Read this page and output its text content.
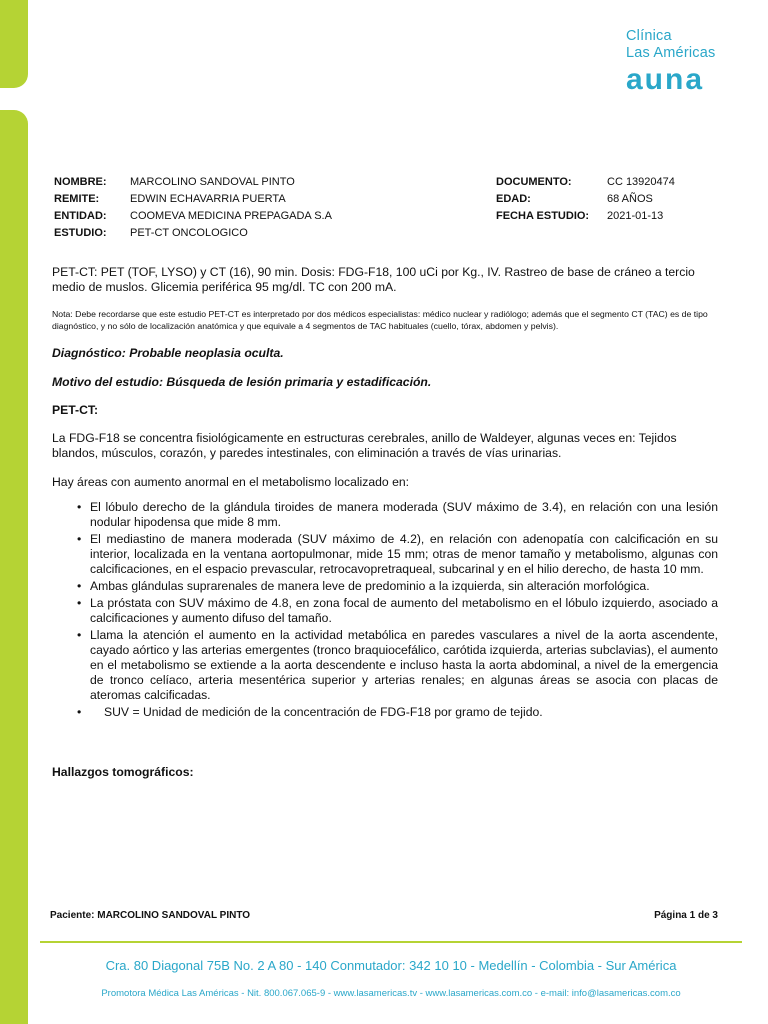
Clínica
Las Américas
auna
NOMBRE: MARCOLINO SANDOVAL PINTO	DOCUMENTO:	CC 13920474
REMITE:	EDWIN ECHAVARRIA PUERTA	EDAD:	68 AÑOS
ENTIDAD: COOMEVA MEDICINA PREPAGADA S.A	FECHA ESTUDIO: 2021-01-13
ESTUDIO: PET-CT ONCOLOGICO

PET-CT: PET (TOF, LYSO) y CT (16), 90 min. Dosis: FDG-F18, 100 uCi por Kg., IV. Rastreo de base de cráneo a tercio medio de muslos. Glicemia periférica 95 mg/dl. TC con 200 mA.

Nota: Debe recordarse que este estudio PET-CT es interpretado por dos médicos especialistas: médico nuclear y radiólogo; además que el segmento CT (TAC) es de tipo diagnóstico, y no sólo de localización anatómica y que equivale a 4 segmentos de TAC habituales (cuello, tórax, abdomen y pelvis).

Diagnóstico: Probable neoplasia oculta.

Motivo del estudio: Búsqueda de lesión primaria y estadificación.

PET-CT:

La FDG-F18 se concentra fisiológicamente en estructuras cerebrales, anillo de Waldeyer, algunas veces en: Tejidos blandos, músculos, corazón, y paredes intestinales, con eliminación a través de vías urinarias.

Hay áreas con aumento anormal en el metabolismo localizado en:

• El lóbulo derecho de la glándula tiroides de manera moderada (SUV máximo de 3.4), en relación con una lesión nodular hipodensa que mide 8 mm.
• El mediastino de manera moderada (SUV máximo de 4.2), en relación con adenopatía con calcificación en su interior, localizada en la ventana aortopulmonar, mide 15 mm; otras de menor tamaño y metabolismo, algunas con calcificaciones, en el espacio prevascular, retrocavopretraqueal, subcarinal y en el hilio derecho, de hasta 10 mm.
• Ambas glándulas suprarenales de manera leve de predominio a la izquierda, sin alteración morfológica.
• La próstata con SUV máximo de 4.8, en zona focal de aumento del metabolismo en el lóbulo izquierdo, asociado a calcificaciones y aumento difuso del tamaño.
• Llama la atención el aumento en la actividad metabólica en paredes vasculares a nivel de la aorta ascendente, cayado aórtico y las arterias emergentes (tronco braquiocefálico, carótida izquierda, arterias subclavias), el aumento en el metabolismo se extiende a la aorta descendente e incluso hasta la aorta abdominal, a nivel de la emergencia de tronco celíaco, arteria mesentérica superior y arterias renales; en algunas áreas se asocia con placas de ateromas calcificadas.
• SUV = Unidad de medición de la concentración de FDG-F18 por gramo de tejido.

Hallazgos tomográficos:

Paciente: MARCOLINO SANDOVAL PINTO	Página 1 de 3
Cra. 80 Diagonal 75B No. 2 A 80 - 140 Conmutador: 342 10 10 - Medellín - Colombia - Sur América
Promotora Médica Las Américas - Nit. 800.067.065-9 - www.lasamericas.tv - www.lasamericas.com.co - e-mail: info@lasamericas.com.co
